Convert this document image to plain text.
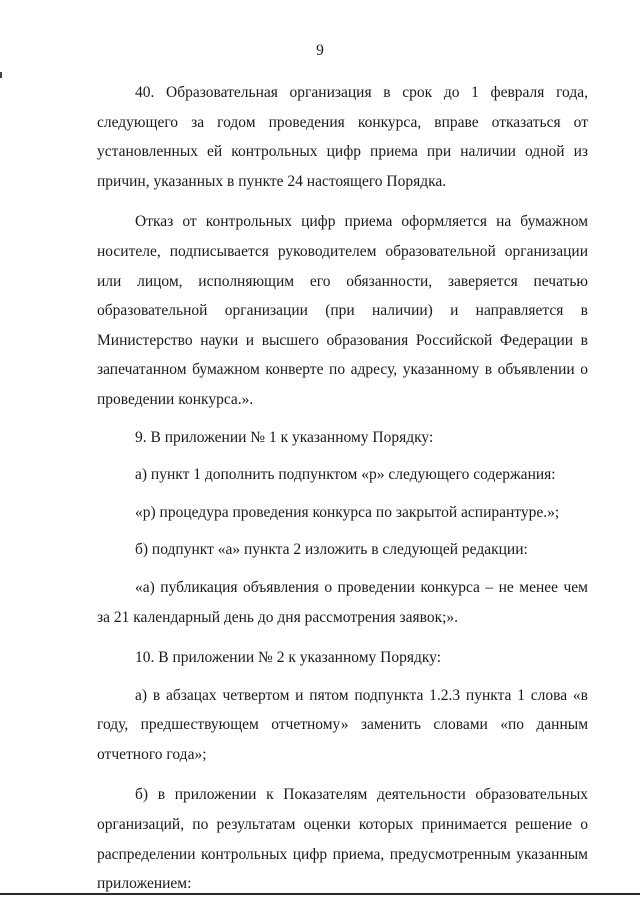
9

40. Образовательная организация в срок до 1 февраля года, следующего за годом проведения конкурса, вправе отказаться от установленных ей контрольных цифр приема при наличии одной из причин, указанных в пункте 24 настоящего Порядка.

Отказ от контрольных цифр приема оформляется на бумажном носителе, подписывается руководителем образовательной организации или лицом, исполняющим его обязанности, заверяется печатью образовательной организации (при наличии) и направляется в Министерство науки и высшего образования Российской Федерации в запечатанном бумажном конверте по адресу, указанному в объявлении о проведении конкурса.».

9. В приложении № 1 к указанному Порядку:

а) пункт 1 дополнить подпунктом «р» следующего содержания:

«р) процедура проведения конкурса по закрытой аспирантуре.»;

б) подпункт «а» пункта 2 изложить в следующей редакции:

«а) публикация объявления о проведении конкурса – не менее чем за 21 календарный день до дня рассмотрения заявок;».

10. В приложении № 2 к указанному Порядку:

а) в абзацах четвертом и пятом подпункта 1.2.3 пункта 1 слова «в году, предшествующем отчетному» заменить словами «по данным отчетного года»;

б) в приложении к Показателям деятельности образовательных организаций, по результатам оценки которых принимается решение о распределении контрольных цифр приема, предусмотренным указанным приложением:
